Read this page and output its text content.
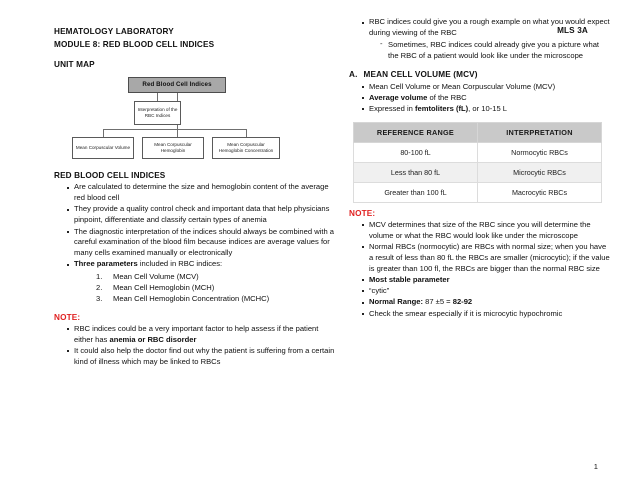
HEMATOLOGY LABORATORY
MODULE 8: RED BLOOD CELL INDICES
MLS 3A
UNIT MAP
Red Blood Cell Indices
Interpretation of the RBC Indices
Mean Corpuscular Volume
Mean Corpuscular Hemoglobin
Mean Corpuscular Hemoglobin Concentration
RED BLOOD CELL INDICES
Are calculated to determine the size and hemoglobin content of the average red blood cell
They provide a quality control check and important data that help physicians pinpoint, differentiate and classify certain types of anemia
The diagnostic interpretation of the indices should always be combined with a careful examination of the blood film because indices are average values for many cells examined manually or electronically
Three parameters included in RBC indices:
Mean Cell Volume (MCV)
Mean Cell Hemoglobin (MCH)
Mean Cell Hemoglobin Concentration (MCHC)
NOTE:
RBC indices could be a very important factor to help assess if the patient either has anemia or RBC disorder
It could also help the doctor find out why the patient is suffering from a certain kind of illness which may be linked to RBCs
RBC indices could give you a rough example on what you would expect during viewing of the RBC
- Sometimes, RBC indices could already give you a picture what the RBC of a patient would look like under the microscope
A. MEAN CELL VOLUME (MCV)
Mean Cell Volume or Mean Corpuscular Volume (MCV)
Average volume of the RBC
Expressed in femtoliters (fL), or 10-15 L
REFERENCE RANGE	INTERPRETATION
80-100 fL	Normocytic RBCs
Less than 80 fL	Microcytic RBCs
Greater than 100 fL	Macrocytic RBCs
NOTE:
MCV determines that size of the RBC since you will determine the volume or what the RBC would look like under the microscope
Normal RBCs (normocytic) are RBCs with normal size; when you have a result of less than 80 fL the RBCs are smaller (microcytic); if the value is greater than 100 fl, the RBCs are bigger than the normal RBC size
Most stable parameter
“cytic”
Normal Range: 87 ±5 = 82-92
Check the smear especially if it is microcytic hypochromic
1
